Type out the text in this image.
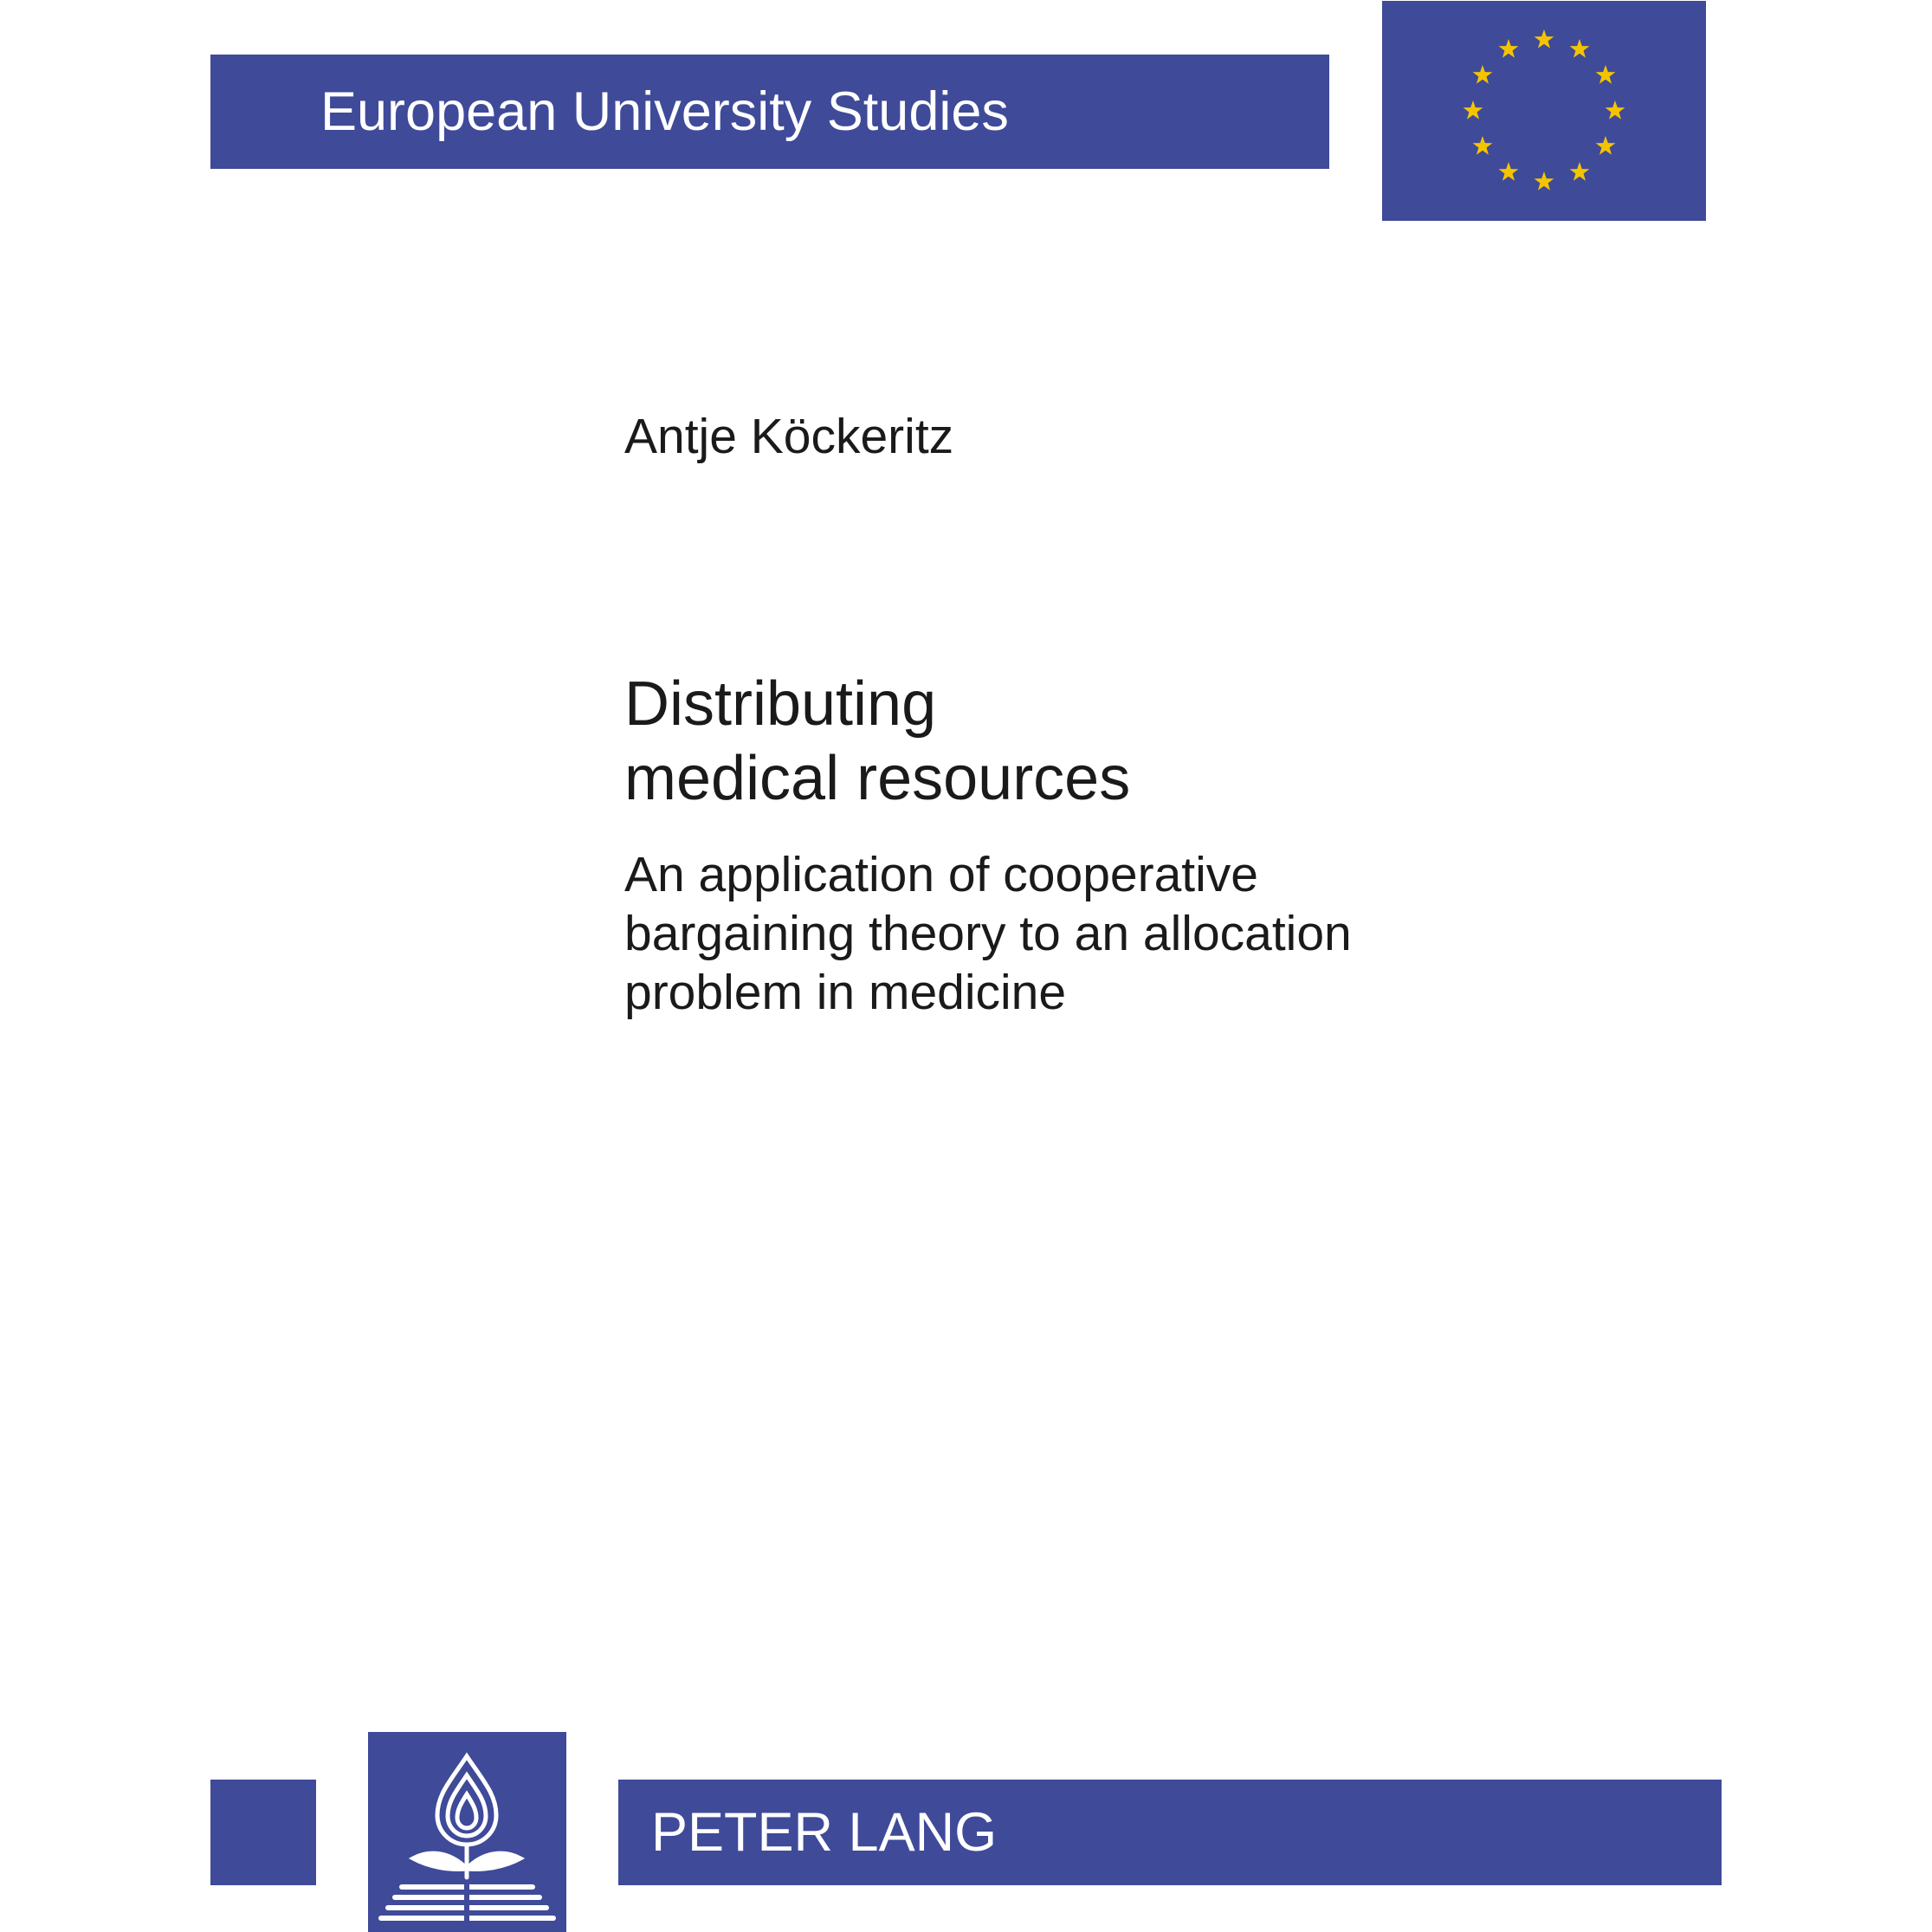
European University Studies
Antje Köckeritz
Distributing
medical resources
An application of cooperative
bargaining theory to an allocation
problem in medicine
PETER LANG
